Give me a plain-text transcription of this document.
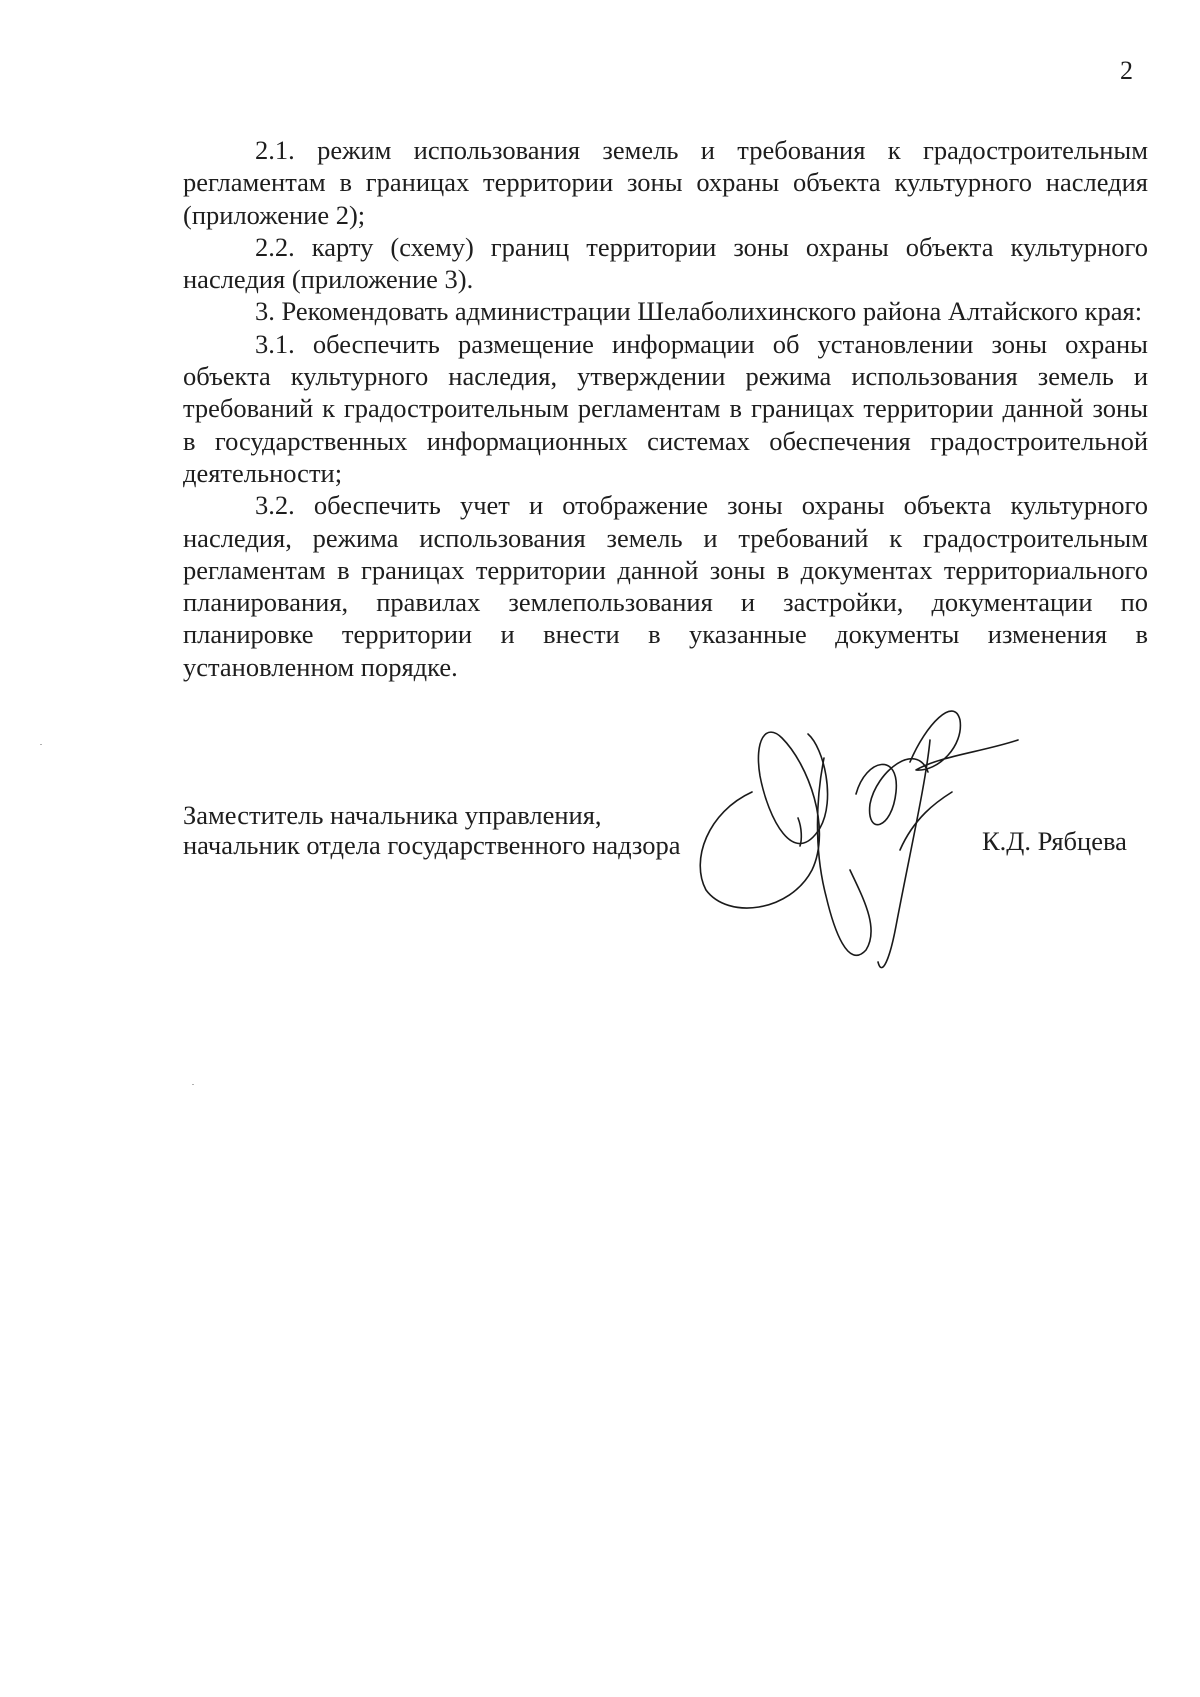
2

2.1. режим использования земель и требования к градостроительным регламентам в границах территории зоны охраны объекта культурного наследия (приложение 2);

2.2. карту (схему) границ территории зоны охраны объекта культурного наследия (приложение 3).

3. Рекомендовать администрации Шелаболихинского района Алтайского края:

3.1. обеспечить размещение информации об установлении зоны охраны объекта культурного наследия, утверждении режима использования земель и требований к градостроительным регламентам в границах территории данной зоны в государственных информационных системах обеспечения градостроительной деятельности;

3.2. обеспечить учет и отображение зоны охраны объекта культурного наследия, режима использования земель и требований к градостроительным регламентам в границах территории данной зоны в документах территориального планирования, правилах землепользования и застройки, документации по планировке территории и внести в указанные документы изменения в установленном порядке.

Заместитель начальника управления,

начальник отдела государственного надзора	К.Д. Рябцева
